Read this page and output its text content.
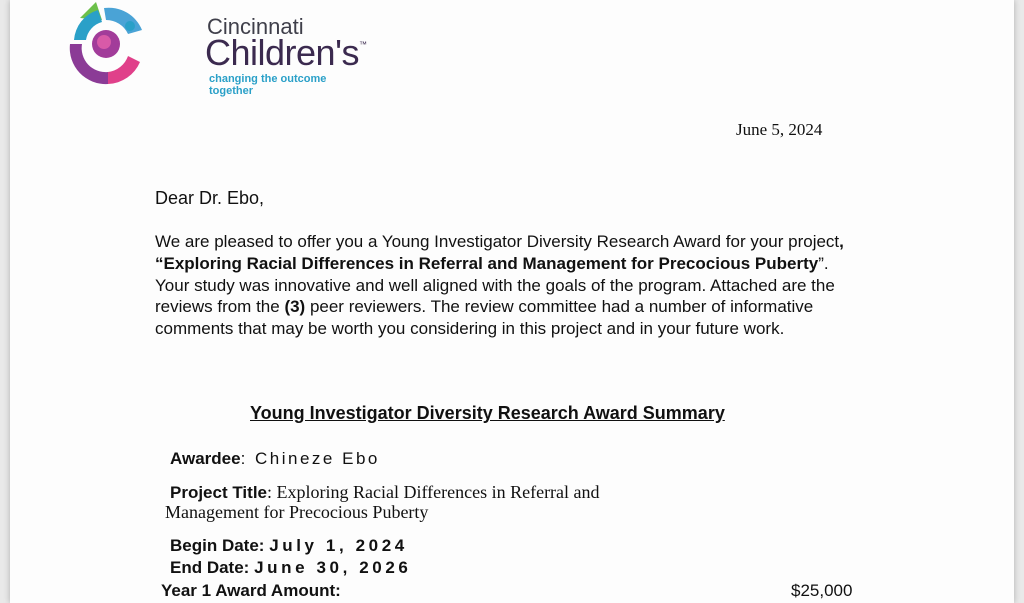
Cincinnati
Children's™
changing the outcome together
June 5, 2024
Dear Dr. Ebo,
We are pleased to offer you a Young Investigator Diversity Research Award for your project, “Exploring Racial Differences in Referral and Management for Precocious Puberty”. Your study was innovative and well aligned with the goals of the program. Attached are the reviews from the (3) peer reviewers. The review committee had a number of informative comments that may be worth you considering in this project and in your future work.
Young Investigator Diversity Research Award Summary
Awardee: Chineze Ebo
Project Title: Exploring Racial Differences in Referral and
Management for Precocious Puberty
Begin Date: July 1, 2024
End Date: June 30, 2026
Year 1 Award Amount:	$25,000
